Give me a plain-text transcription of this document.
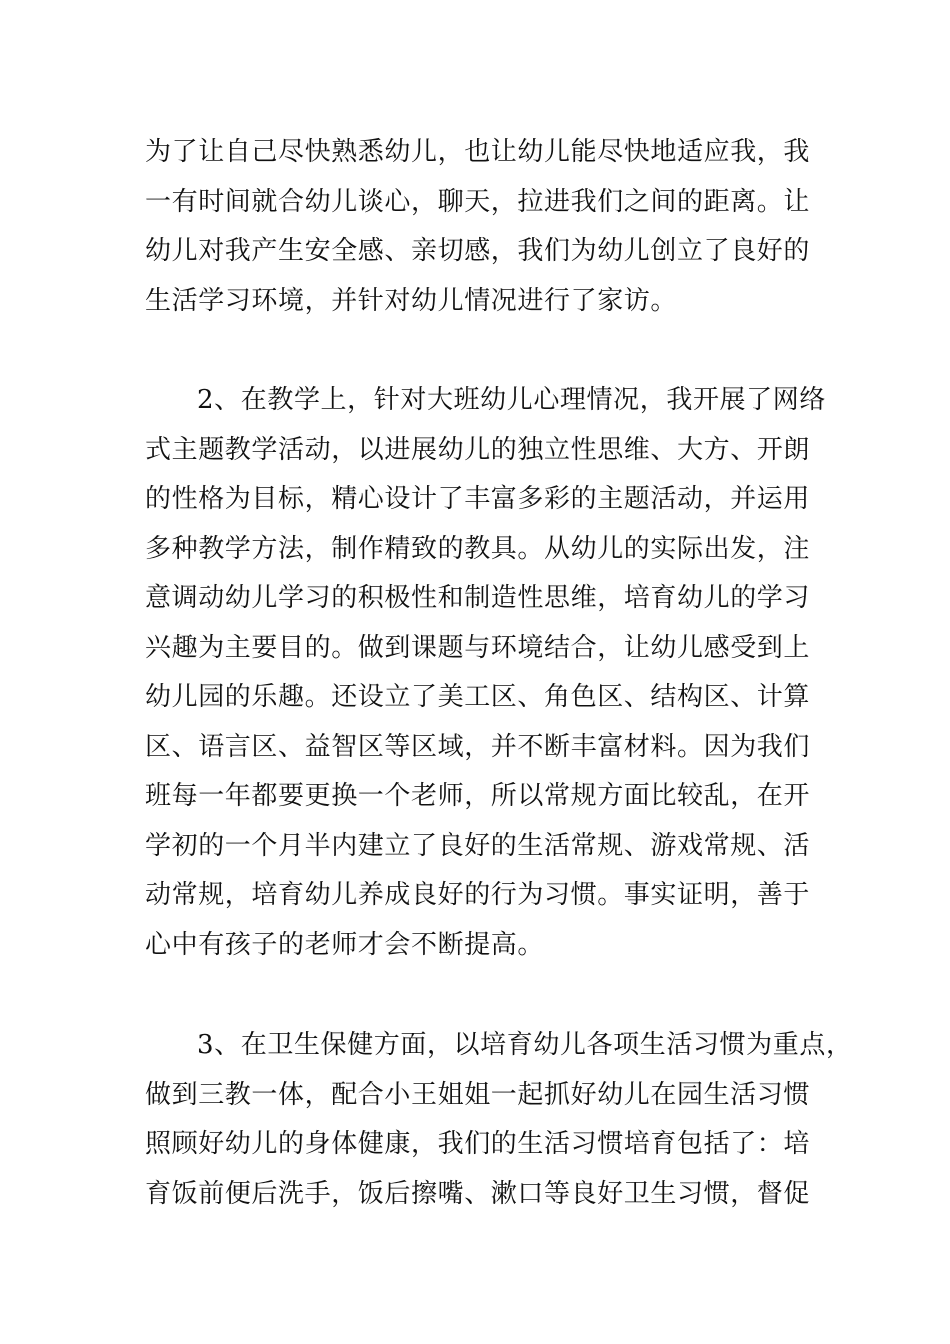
为了让自己尽快熟悉幼儿，也让幼儿能尽快地适应我，我
一有时间就合幼儿谈心，聊天，拉进我们之间的距离。让
幼儿对我产生安全感、亲切感，我们为幼儿创立了良好的
生活学习环境，并针对幼儿情况进行了家访。
2、在教学上，针对大班幼儿心理情况，我开展了网络
式主题教学活动，以进展幼儿的独立性思维、大方、开朗
的性格为目标，精心设计了丰富多彩的主题活动，并运用
多种教学方法，制作精致的教具。从幼儿的实际出发，注
意调动幼儿学习的积极性和制造性思维，培育幼儿的学习
兴趣为主要目的。做到课题与环境结合，让幼儿感受到上
幼儿园的乐趣。还设立了美工区、角色区、结构区、计算
区、语言区、益智区等区域，并不断丰富材料。因为我们
班每一年都要更换一个老师，所以常规方面比较乱，在开
学初的一个月半内建立了良好的生活常规、游戏常规、活
动常规，培育幼儿养成良好的行为习惯。事实证明，善于
心中有孩子的老师才会不断提高。
3、在卫生保健方面，以培育幼儿各项生活习惯为重点，
做到三教一体，配合小王姐姐一起抓好幼儿在园生活习惯
照顾好幼儿的身体健康，我们的生活习惯培育包括了：培
育饭前便后洗手，饭后擦嘴、漱口等良好卫生习惯，督促
